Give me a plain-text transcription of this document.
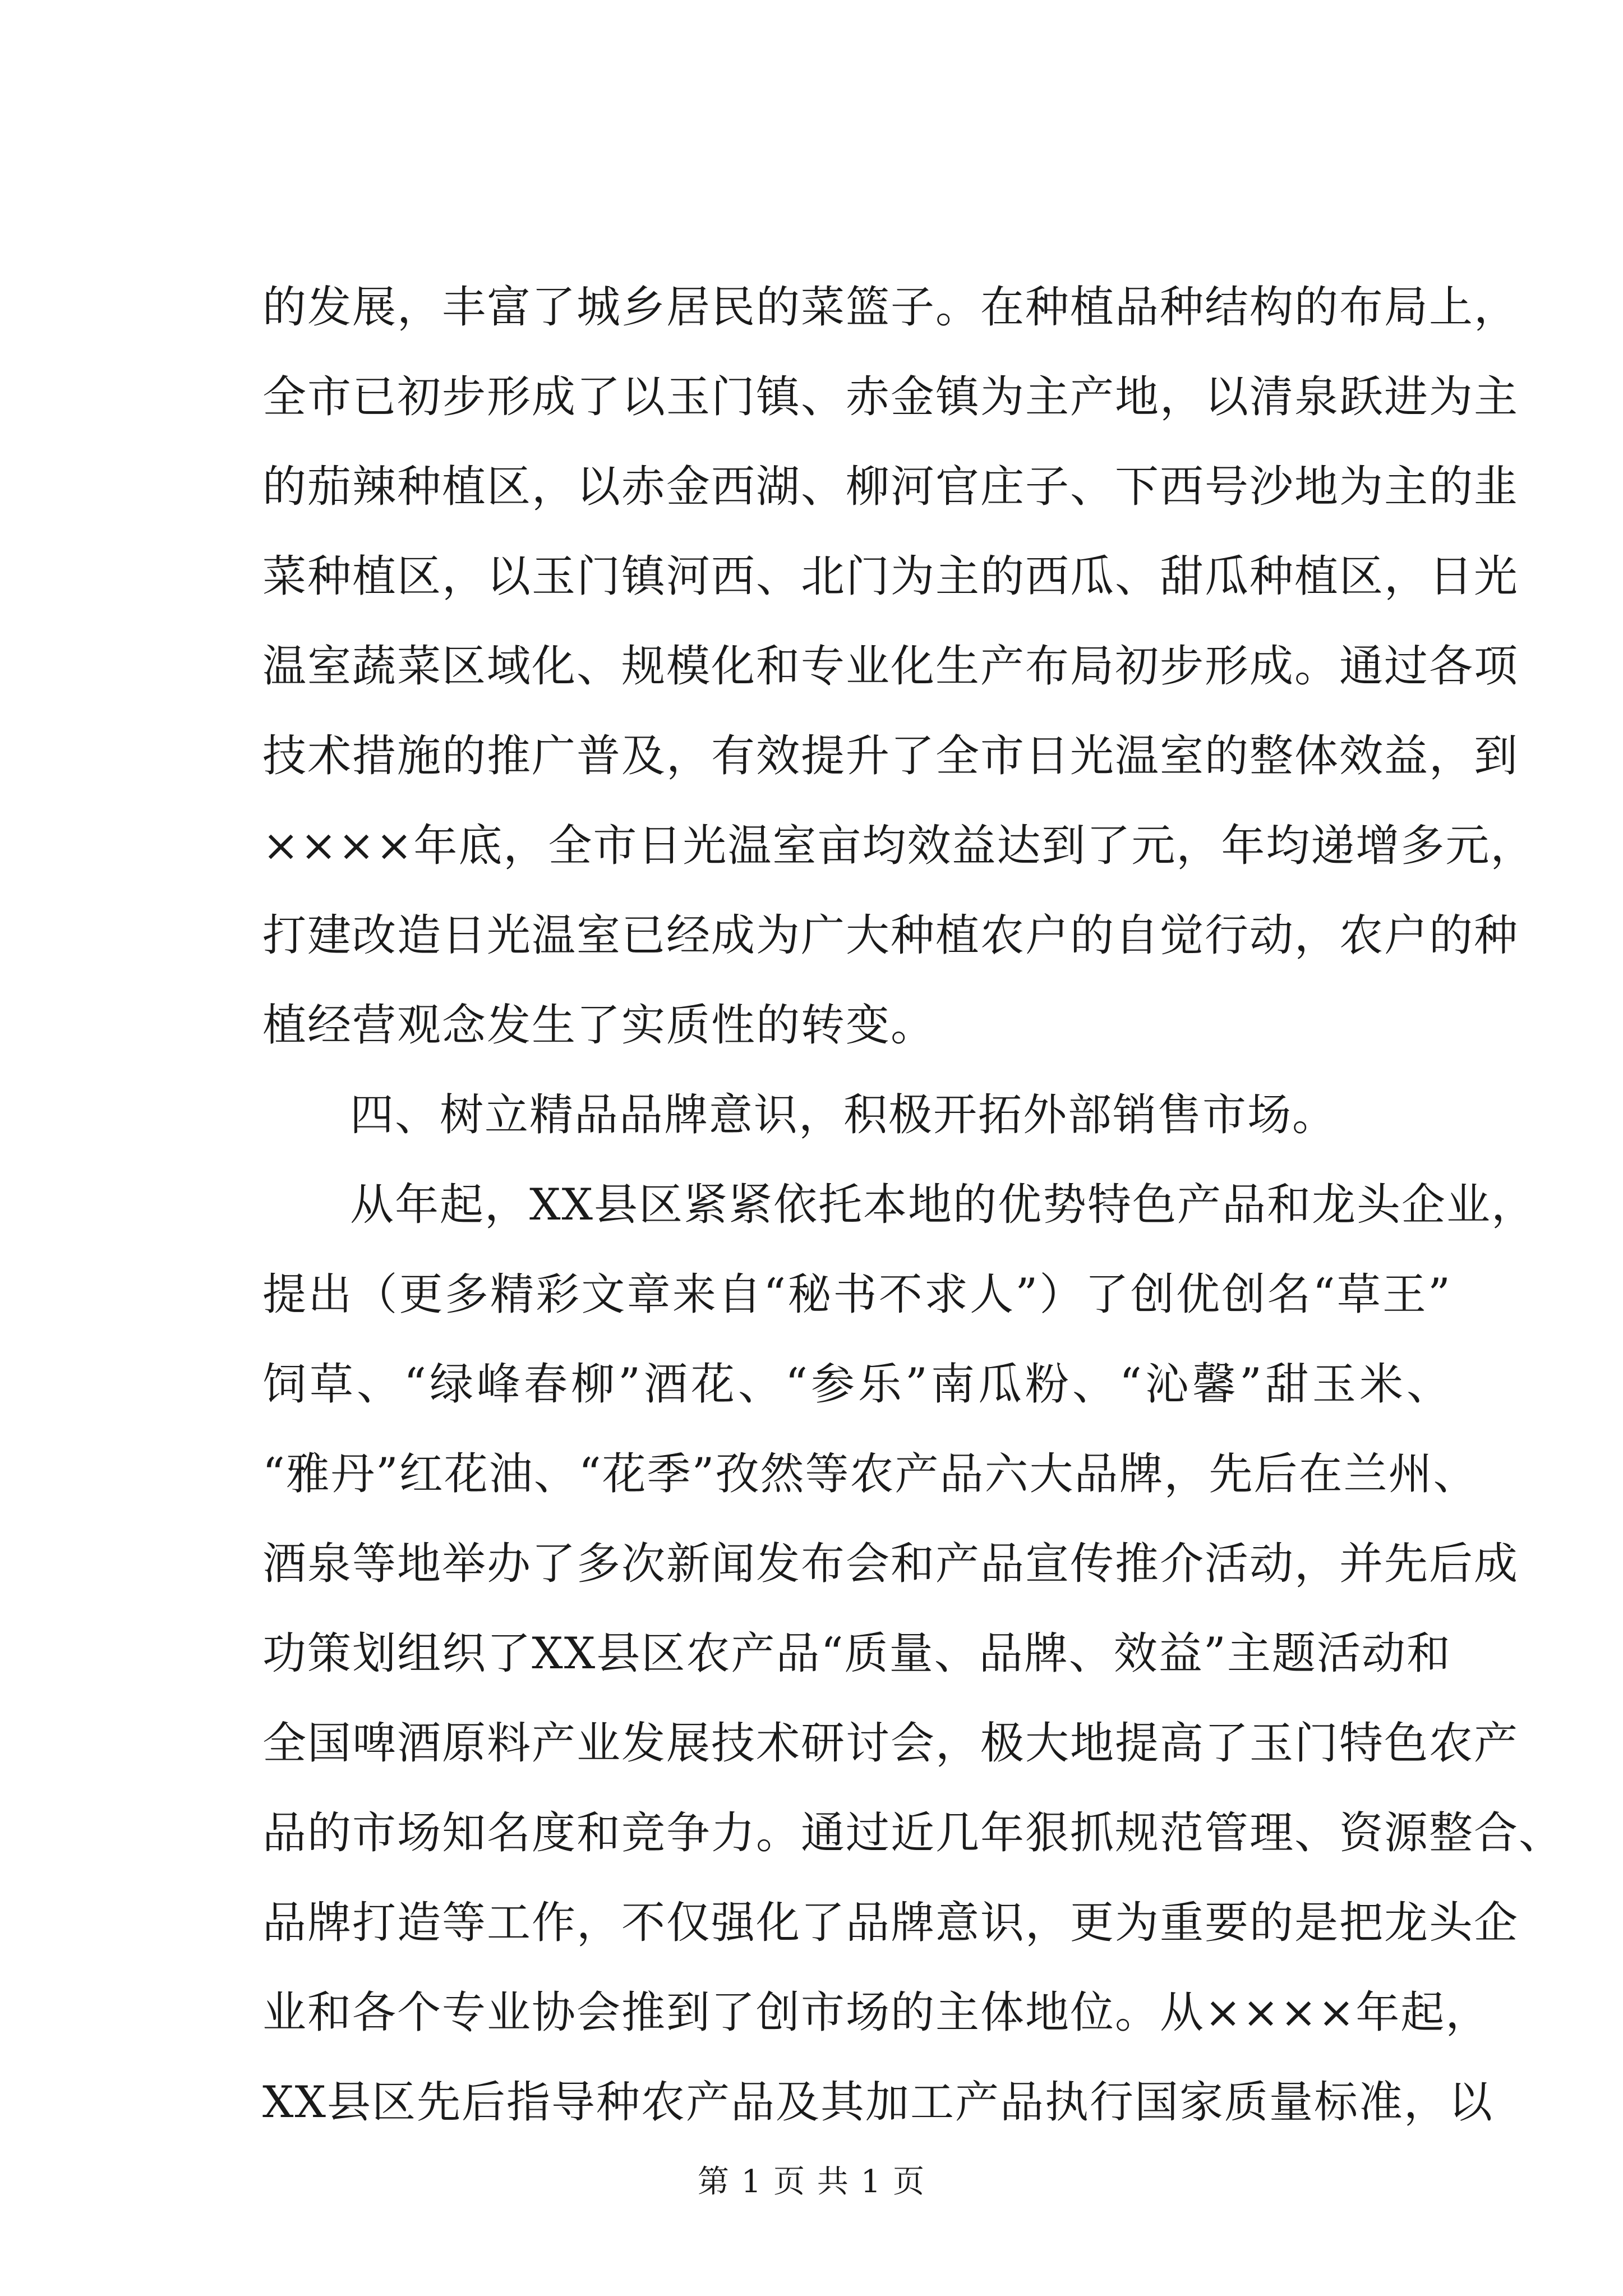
的发展，丰富了城乡居民的菜篮子。在种植品种结构的布局上，
全市已初步形成了以玉门镇、赤金镇为主产地，以清泉跃进为主
的茄辣种植区，以赤金西湖、柳河官庄子、下西号沙地为主的韭
菜种植区，以玉门镇河西、北门为主的西瓜、甜瓜种植区，日光
温室蔬菜区域化、规模化和专业化生产布局初步形成。通过各项
技术措施的推广普及，有效提升了全市日光温室的整体效益，到
××××年底，全市日光温室亩均效益达到了元，年均递增多元，
打建改造日光温室已经成为广大种植农户的自觉行动，农户的种
植经营观念发生了实质性的转变。
四、树立精品品牌意识，积极开拓外部销售市场。
从年起，XX县区紧紧依托本地的优势特色产品和龙头企业，
提出（更多精彩文章来自“秘书不求人”）了创优创名“草王”
饲草、“绿峰春柳”酒花、“参乐”南瓜粉、“沁馨”甜玉米、
“雅丹”红花油、“花季”孜然等农产品六大品牌，先后在兰州、
酒泉等地举办了多次新闻发布会和产品宣传推介活动，并先后成
功策划组织了XX县区农产品“质量、品牌、效益”主题活动和
全国啤酒原料产业发展技术研讨会，极大地提高了玉门特色农产
品的市场知名度和竞争力。通过近几年狠抓规范管理、资源整合、
品牌打造等工作，不仅强化了品牌意识，更为重要的是把龙头企
业和各个专业协会推到了创市场的主体地位。从××××年起，
XX县区先后指导种农产品及其加工产品执行国家质量标准，以
第 1 页 共 1 页
